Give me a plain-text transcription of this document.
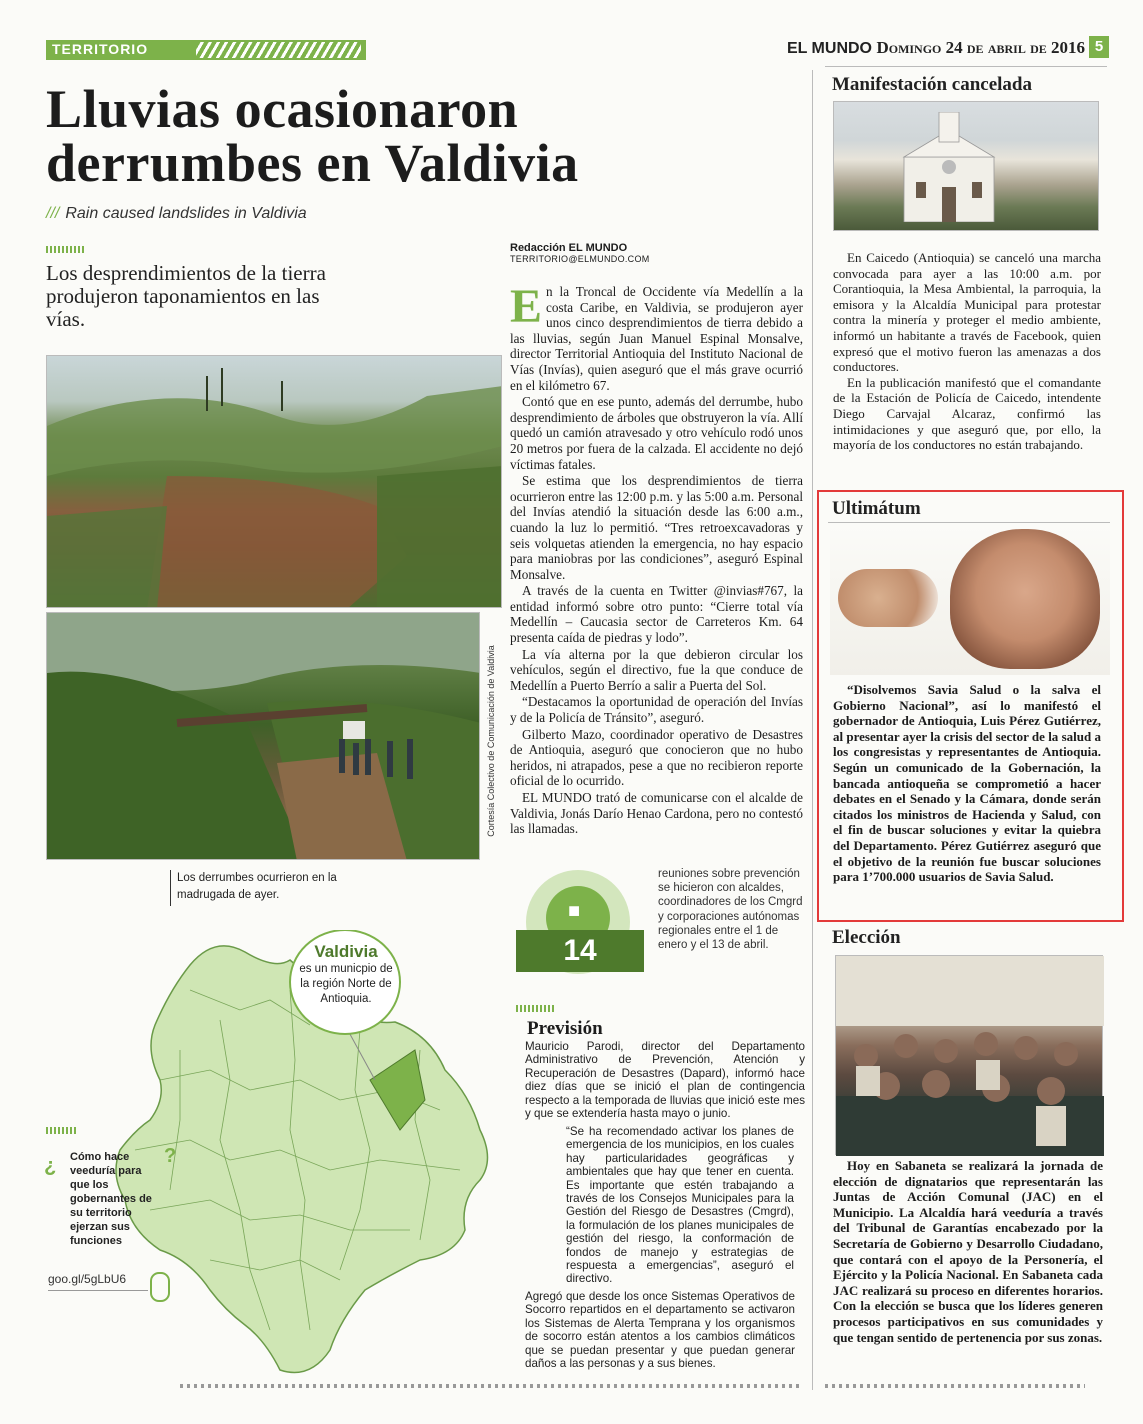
TERRITORIO	EL MUNDO Domingo 24 de abril de 2016 5
Lluvias ocasionaron
derrumbes en Valdivia
/// Rain caused landslides in Valdivia
Los desprendimientos de la tierra produjeron taponamientos en las vías.
Cortesía Colectivo de Comunicación de Valdivia
Los derrumbes ocurrieron en la madrugada de ayer.
Redacción EL MUNDO
TERRITORIO@ELMUNDO.COM

En la Troncal de Occidente vía Medellín a la costa Caribe, en Valdivia, se produjeron ayer unos cinco desprendimientos de tierra debido a las lluvias, según Juan Manuel Espinal Monsalve, director Territorial Antioquia del Instituto Nacional de Vías (Invías), quien aseguró que el más grave ocurrió en el kilómetro 67.

Contó que en ese punto, además del derrumbe, hubo desprendimiento de árboles que obstruyeron la vía. Allí quedó un camión atravesado y otro vehículo rodó unos 20 metros por fuera de la calzada. El accidente no dejó víctimas fatales.

Se estima que los desprendimientos de tierra ocurrieron entre las 12:00 p.m. y las 5:00 a.m. Personal del Invías atendió la situación desde las 6:00 a.m., cuando la luz lo permitió. “Tres retroexcavadoras y seis volquetas atienden la emergencia, no hay espacio para maniobras por las condiciones”, aseguró Espinal Monsalve.

A través de la cuenta en Twitter @invias#767, la entidad informó sobre otro punto: “Cierre total vía Medellín – Caucasia sector de Carreteros Km. 64 presenta caída de piedras y lodo”.

La vía alterna por la que debieron circular los vehículos, según el directivo, fue la que conduce de Medellín a Puerto Berrío a salir a Puerta del Sol.

“Destacamos la oportunidad de operación del Invías y de la Policía de Tránsito”, aseguró.

Gilberto Mazo, coordinador operativo de Desastres de Antioquia, aseguró que conocieron que no hubo heridos, ni atrapados, pese a que no recibieron reporte oficial de lo ocurrido.

EL MUNDO trató de comunicarse con el alcalde de Valdivia, Jonás Darío Henao Cardona, pero no contestó las llamadas.

■
14
reuniones sobre prevención se hicieron con alcaldes, coordinadores de los Cmgrd y corporaciones autónomas regionales entre el 1 de enero y el 13 de abril.
Previsión
Mauricio Parodi, director del Departamento Administrativo de Prevención, Atención y Recuperación de Desastres (Dapard), informó hace diez días que se inició el plan de contingencia respecto a la temporada de lluvias que inició este mes y que se extendería hasta mayo o junio.
“Se ha recomendado activar los planes de emergencia de los municipios, en los cuales hay particularidades geográficas y ambientales que hay que tener en cuenta. Es importante que estén trabajando a través de los Consejos Municipales para la Gestión del Riesgo de Desastres (Cmgrd), la formulación de los planes municipales de gestión del riesgo, la conformación de fondos de manejo y estrategias de respuesta a emergencias”, aseguró el directivo.
Agregó que desde los once Sistemas Operativos de Socorro repartidos en el departamento se activaron los Sistemas de Alerta Temprana y los organismos de socorro están atentos a los cambios climáticos que se puedan presentar y que puedan generar daños a las personas y a sus bienes.
Valdivia
es un municpio de la región Norte de Antioquia.
? Cómo hace veeduría para que los gobernantes de su territorio ejerzan sus funciones
?
goo.gl/5gLbU6
Manifestación cancelada

En Caicedo (Antioquia) se canceló una marcha convocada para ayer a las 10:00 a.m. por Corantioquia, la Mesa Ambiental, la parroquia, la emisora y la Alcaldía Municipal para protestar contra la minería y proteger el medio ambiente, informó un habitante a través de Facebook, quien expresó que el motivo fueron las amenazas a dos conductores.

En la publicación manifestó que el comandante de la Estación de Policía de Caicedo, intendente Diego Carvajal Alcaraz, confirmó las intimidaciones y que aseguró que, por ello, la mayoría de los conductores no están trabajando.

Ultimátum

“Disolvemos Savia Salud o la salva el Gobierno Nacional”, así lo manifestó el gobernador de Antioquia, Luis Pérez Gutiérrez, al presentar ayer la crisis del sector de la salud a los congresistas y representantes de Antioquia. Según un comunicado de la Gobernación, la bancada antioqueña se comprometió a hacer debates en el Senado y la Cámara, donde serán citados los ministros de Hacienda y Salud, con el fin de buscar soluciones y evitar la quiebra del Departamento. Pérez Gutiérrez aseguró que el objetivo de la reunión fue buscar soluciones para 1’700.000 usuarios de Savia Salud.

Elección

Hoy en Sabaneta se realizará la jornada de elección de dignatarios que representarán las Juntas de Acción Comunal (JAC) en el Municipio. La Alcaldía hará veeduría a través del Tribunal de Garantías encabezado por la Secretaría de Gobierno y Desarrollo Ciudadano, que contará con el apoyo de la Personería, el Ejército y la Policía Nacional. En Sabaneta cada JAC realizará su proceso en diferentes horarios. Con la elección se busca que los líderes generen procesos participativos en sus comunidades y que tengan sentido de pertenencia por sus zonas.
